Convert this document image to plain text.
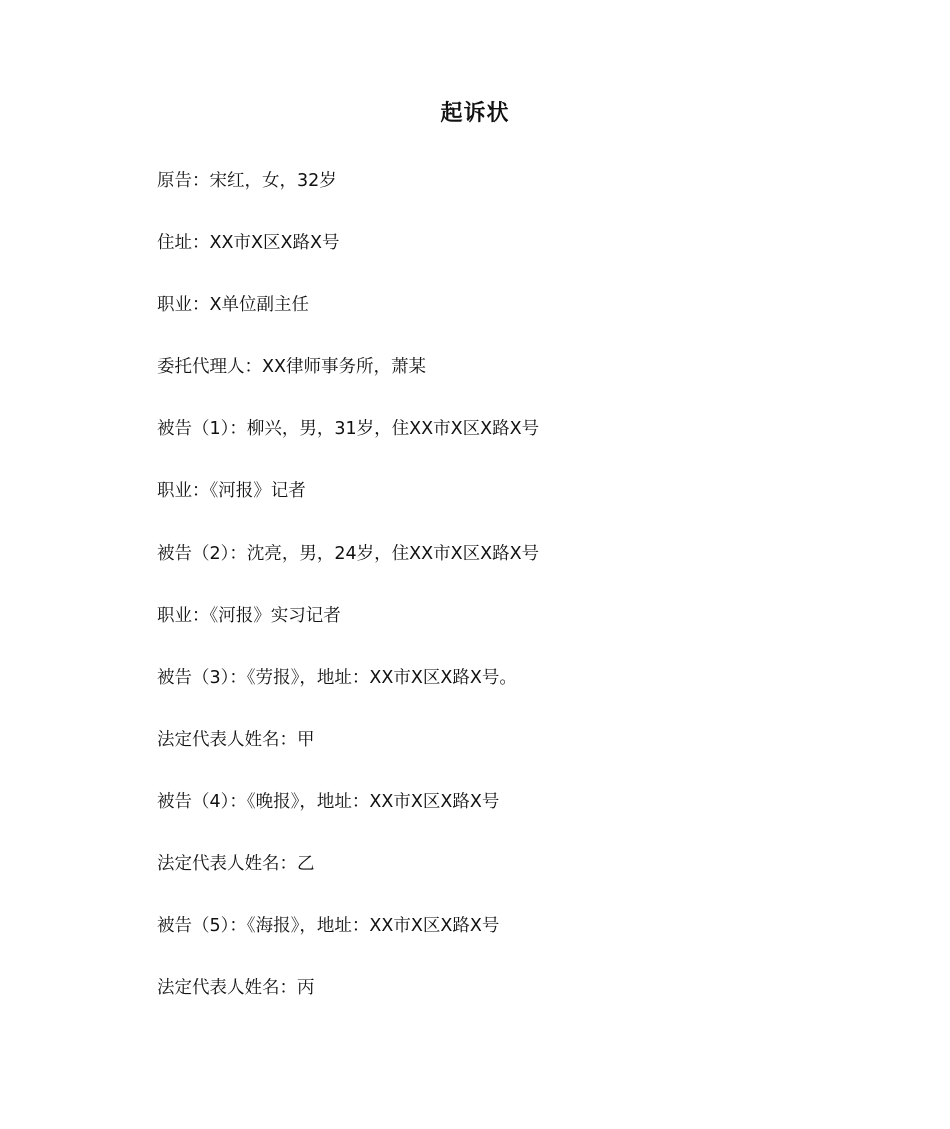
起诉状
原告：宋红，女，32岁
住址：XX市X区X路X号
职业：X单位副主任
委托代理人：XX律师事务所，萧某
被告（1）：柳兴，男，31岁，住XX市X区X路X号
职业：《河报》记者
被告（2）：沈亮，男，24岁，住XX市X区X路X号
职业：《河报》实习记者
被告（3）：《劳报》，地址：XX市X区X路X号。
法定代表人姓名：甲
被告（4）：《晚报》，地址：XX市X区X路X号
法定代表人姓名：乙
被告（5）：《海报》，地址：XX市X区X路X号
法定代表人姓名：丙
